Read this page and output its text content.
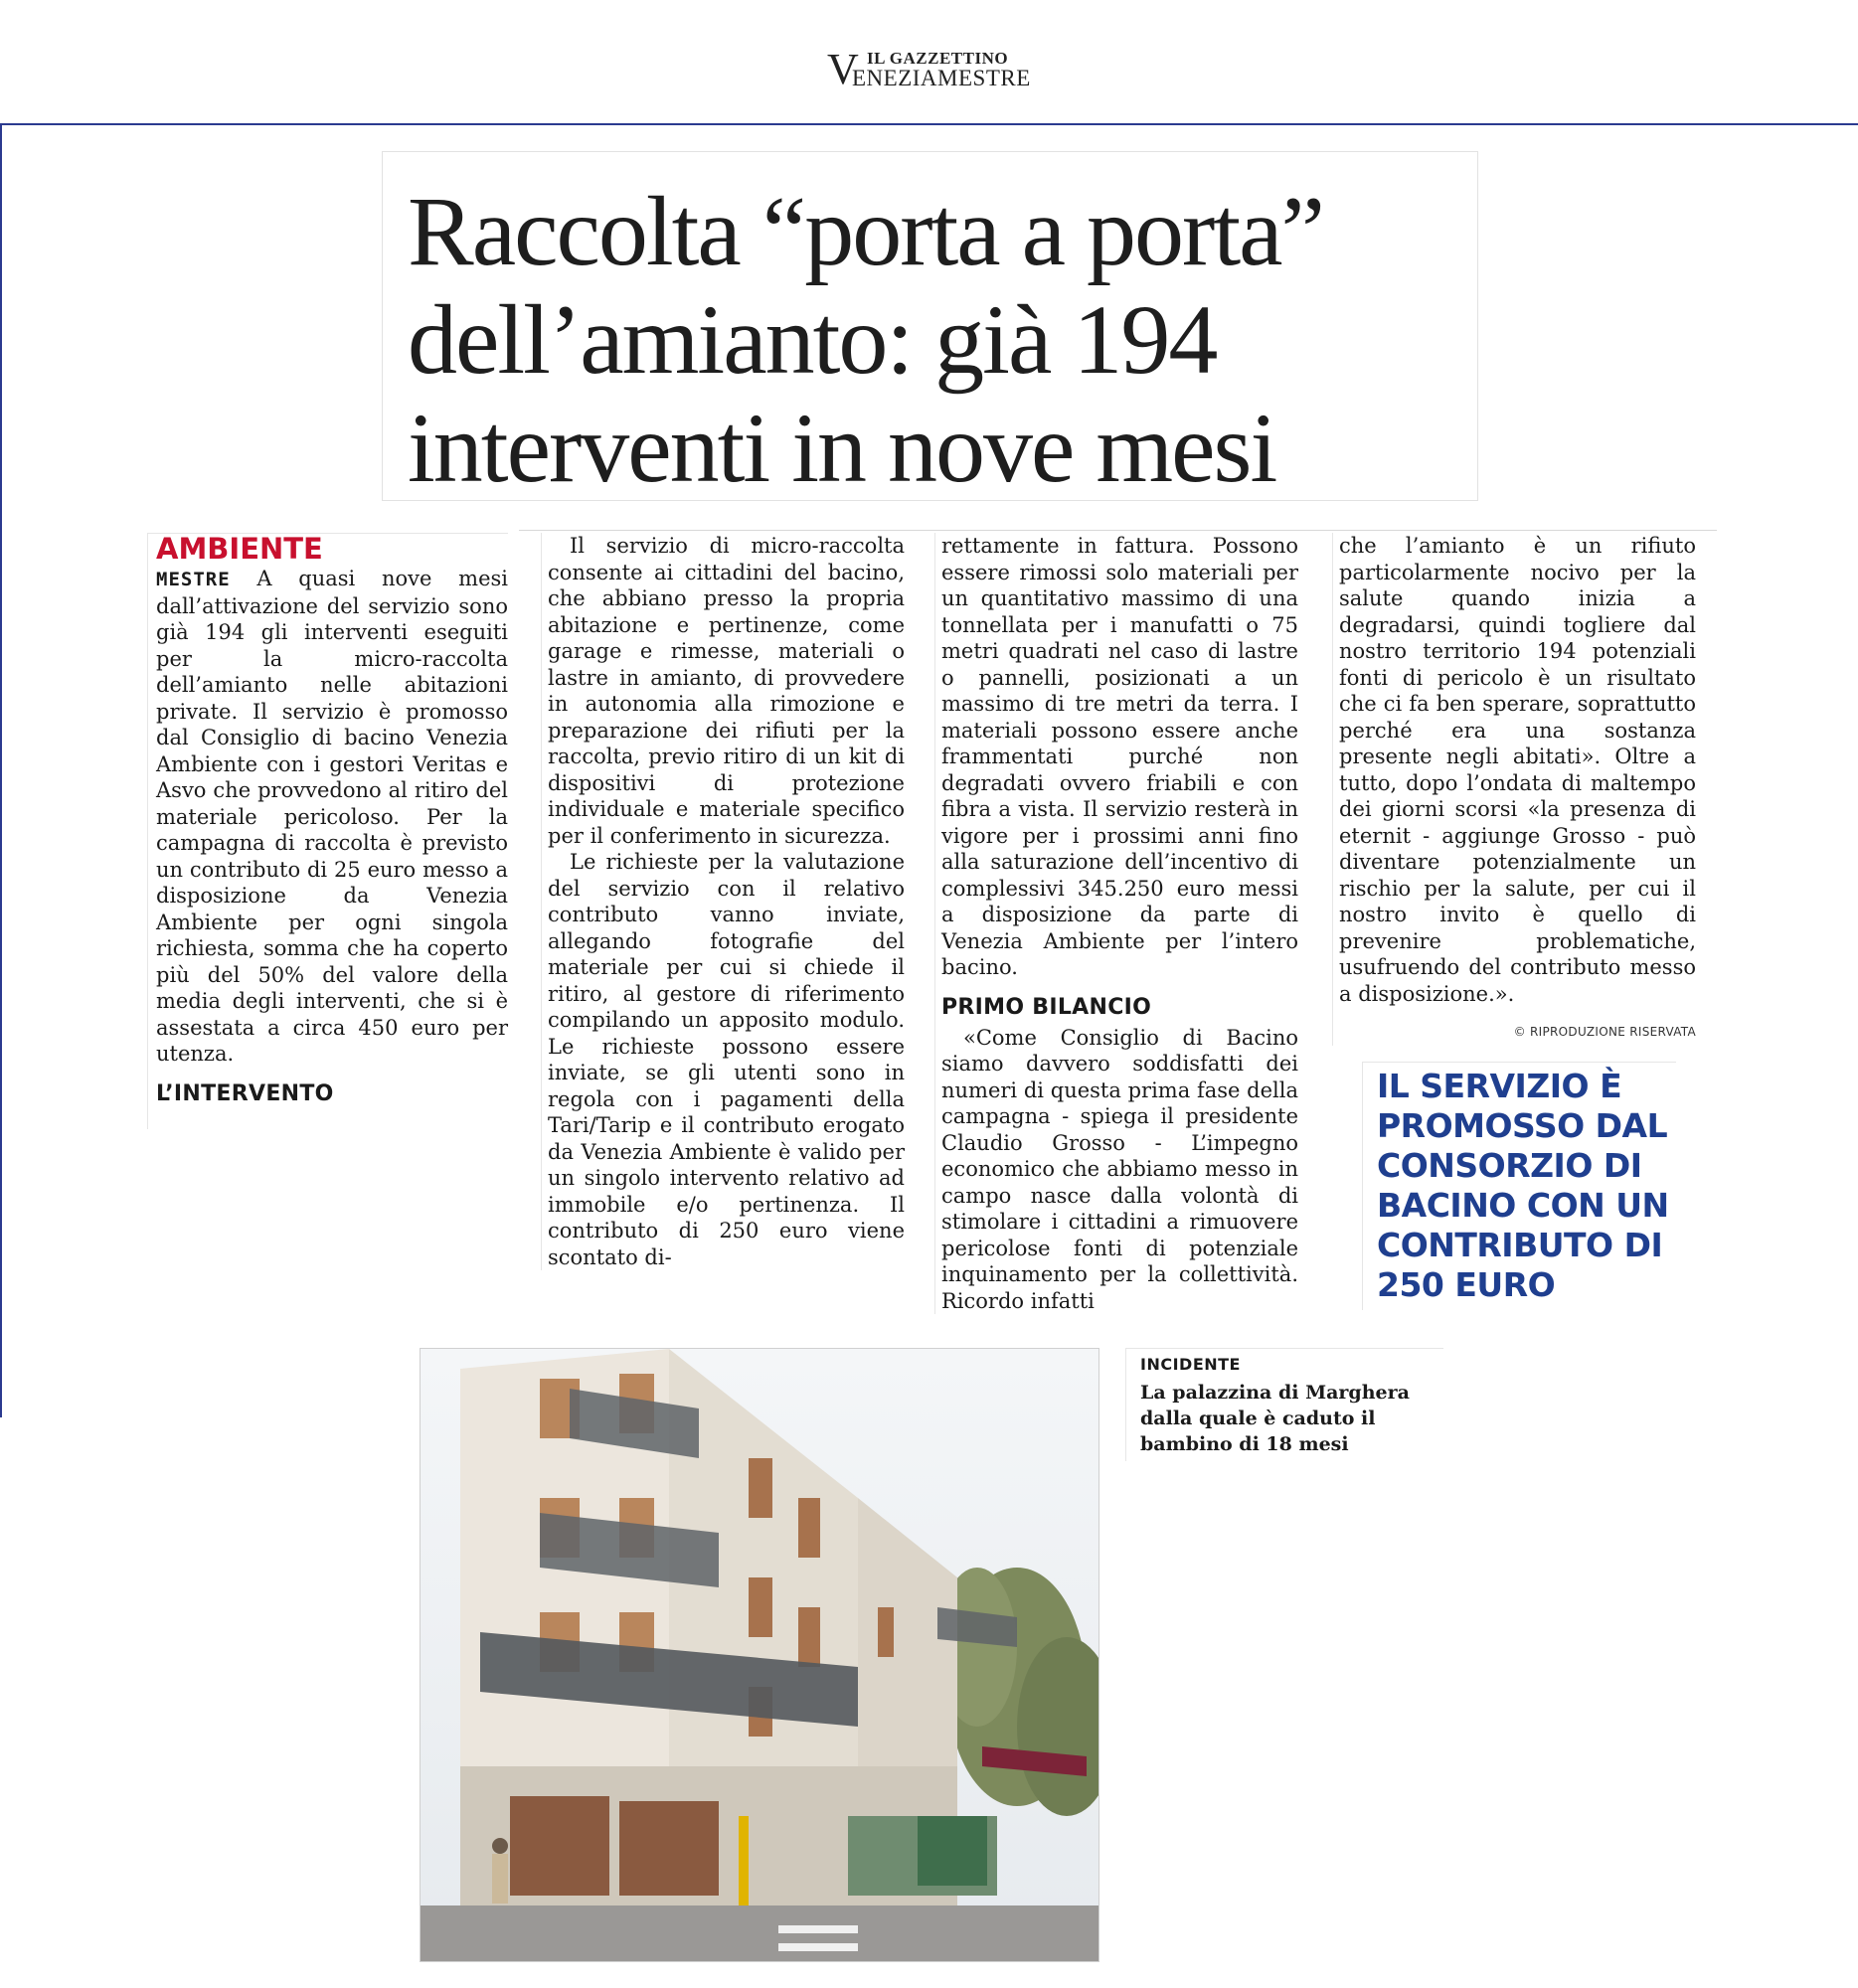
V IL GAZZETTINO
ENEZIAMESTRE
Raccolta “porta a porta” dell’amianto: già 194 interventi in nove mesi
AMBIENTE

MESTRE A quasi nove mesi dall’attivazione del servizio sono già 194 gli interventi eseguiti per la micro-raccolta dell’amianto nelle abitazioni private. Il servizio è promosso dal Consiglio di bacino Venezia Ambiente con i gestori Veritas e Asvo che provvedono al ritiro del materiale pericoloso. Per la campagna di raccolta è previsto un contributo di 25 euro messo a disposizione da Venezia Ambiente per ogni singola richiesta, somma che ha coperto più del 50% del valore della media degli interventi, che si è assestata a circa 450 euro per utenza.

L’INTERVENTO

Il servizio di micro-raccolta consente ai cittadini del bacino, che abbiano presso la propria abitazione e pertinenze, come garage e rimesse, materiali o lastre in amianto, di provvedere in autonomia alla rimozione e preparazione dei rifiuti per la raccolta, previo ritiro di un kit di dispositivi di protezione individuale e materiale specifico per il conferimento in sicurezza.

Le richieste per la valutazione del servizio con il relativo contributo vanno inviate, allegando fotografie del materiale per cui si chiede il ritiro, al gestore di riferimento compilando un apposito modulo. Le richieste possono essere inviate, se gli utenti sono in regola con i pagamenti della Tari/Tarip e il contributo erogato da Venezia Ambiente è valido per un singolo intervento relativo ad immobile e/o pertinenza. Il contributo di 250 euro viene scontato di-

rettamente in fattura. Possono essere rimossi solo materiali per un quantitativo massimo di una tonnellata per i manufatti o 75 metri quadrati nel caso di lastre o pannelli, posizionati a un massimo di tre metri da terra. I materiali possono essere anche frammentati purché non degradati ovvero friabili e con fibra a vista. Il servizio resterà in vigore per i prossimi anni fino alla saturazione dell’incentivo di complessivi 345.250 euro messi a disposizione da parte di Venezia Ambiente per l’intero bacino.

PRIMO BILANCIO

«Come Consiglio di Bacino siamo davvero soddisfatti dei numeri di questa prima fase della campagna - spiega il presidente Claudio Grosso - L’impegno economico che abbiamo messo in campo nasce dalla volontà di stimolare i cittadini a rimuovere pericolose fonti di potenziale inquinamento per la collettività. Ricordo infatti

che l’amianto è un rifiuto particolarmente nocivo per la salute quando inizia a degradarsi, quindi togliere dal nostro territorio 194 potenziali fonti di pericolo è un risultato che ci fa ben sperare, soprattutto perché era una sostanza presente negli abitati». Oltre a tutto, dopo l’ondata di maltempo dei giorni scorsi «la presenza di eternit - aggiunge Grosso - può diventare potenzialmente un rischio per la salute, per cui il nostro invito è quello di prevenire problematiche, usufruendo del contributo messo a disposizione.».

© RIPRODUZIONE RISERVATA
IL SERVIZIO È PROMOSSO DAL CONSORZIO DI BACINO CON UN CONTRIBUTO DI 250 EURO
INCIDENTE
La palazzina di Marghera dalla quale è caduto il bambino di 18 mesi
